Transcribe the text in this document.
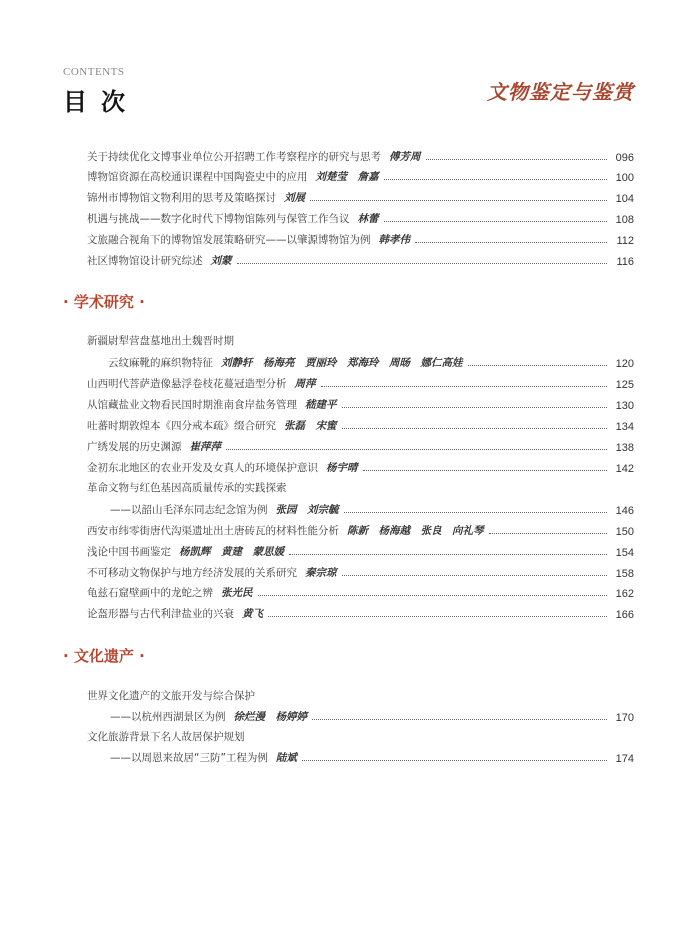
CONTENTS
目次	文物鉴定与鉴赏
关于持续优化文博事业单位公开招聘工作考察程序的研究与思考 傅芳周	096
博物馆资源在高校通识课程中国陶瓷史中的应用 刘楚莹　詹嘉	100
锦州市博物馆文物利用的思考及策略探讨 刘展	104
机遇与挑战——数字化时代下博物馆陈列与保管工作刍议 林蕾	108
文旅融合视角下的博物馆发展策略研究——以肇源博物馆为例 韩孝伟	112
社区博物馆设计研究综述 刘蒙	116
· 学术研究 ·
新疆尉犁营盘墓地出土魏晋时期
云纹麻靴的麻织物特征 刘静轩　杨海亮　贾丽玲　郑海玲　周旸　娜仁高娃	120
山西明代菩萨造像悬浮卷枝花蔓冠造型分析 周萍	125
从馆藏盐业文物看民国时期淮南食岸盐务管理 嵇建平	130
吐蕃时期敦煌本《四分戒本疏》缀合研究 张磊　宋蜜	134
广绣发展的历史渊源 崔萍萍	138
金初东北地区的农业开发及女真人的环境保护意识 杨宇晴	142
革命文物与红色基因高质量传承的实践探索
——以韶山毛泽东同志纪念馆为例 张园　刘宗毓	146
西安市纬零街唐代沟渠遗址出土唐砖瓦的材料性能分析 陈新　杨海越　张良　向礼琴	150
浅论中国书画鉴定 杨凯辉　黄建　蒙思媛	154
不可移动文物保护与地方经济发展的关系研究 秦宗琼	158
龟兹石窟壁画中的龙蛇之辨 张光民	162
论盔形器与古代利津盐业的兴衰 黄飞	166
· 文化遗产 ·
世界文化遗产的文旅开发与综合保护
——以杭州西湖景区为例 徐烂漫　杨婷婷	170
文化旅游背景下名人故居保护规划
——以周恩来故居“三防”工程为例 陆斌	174
